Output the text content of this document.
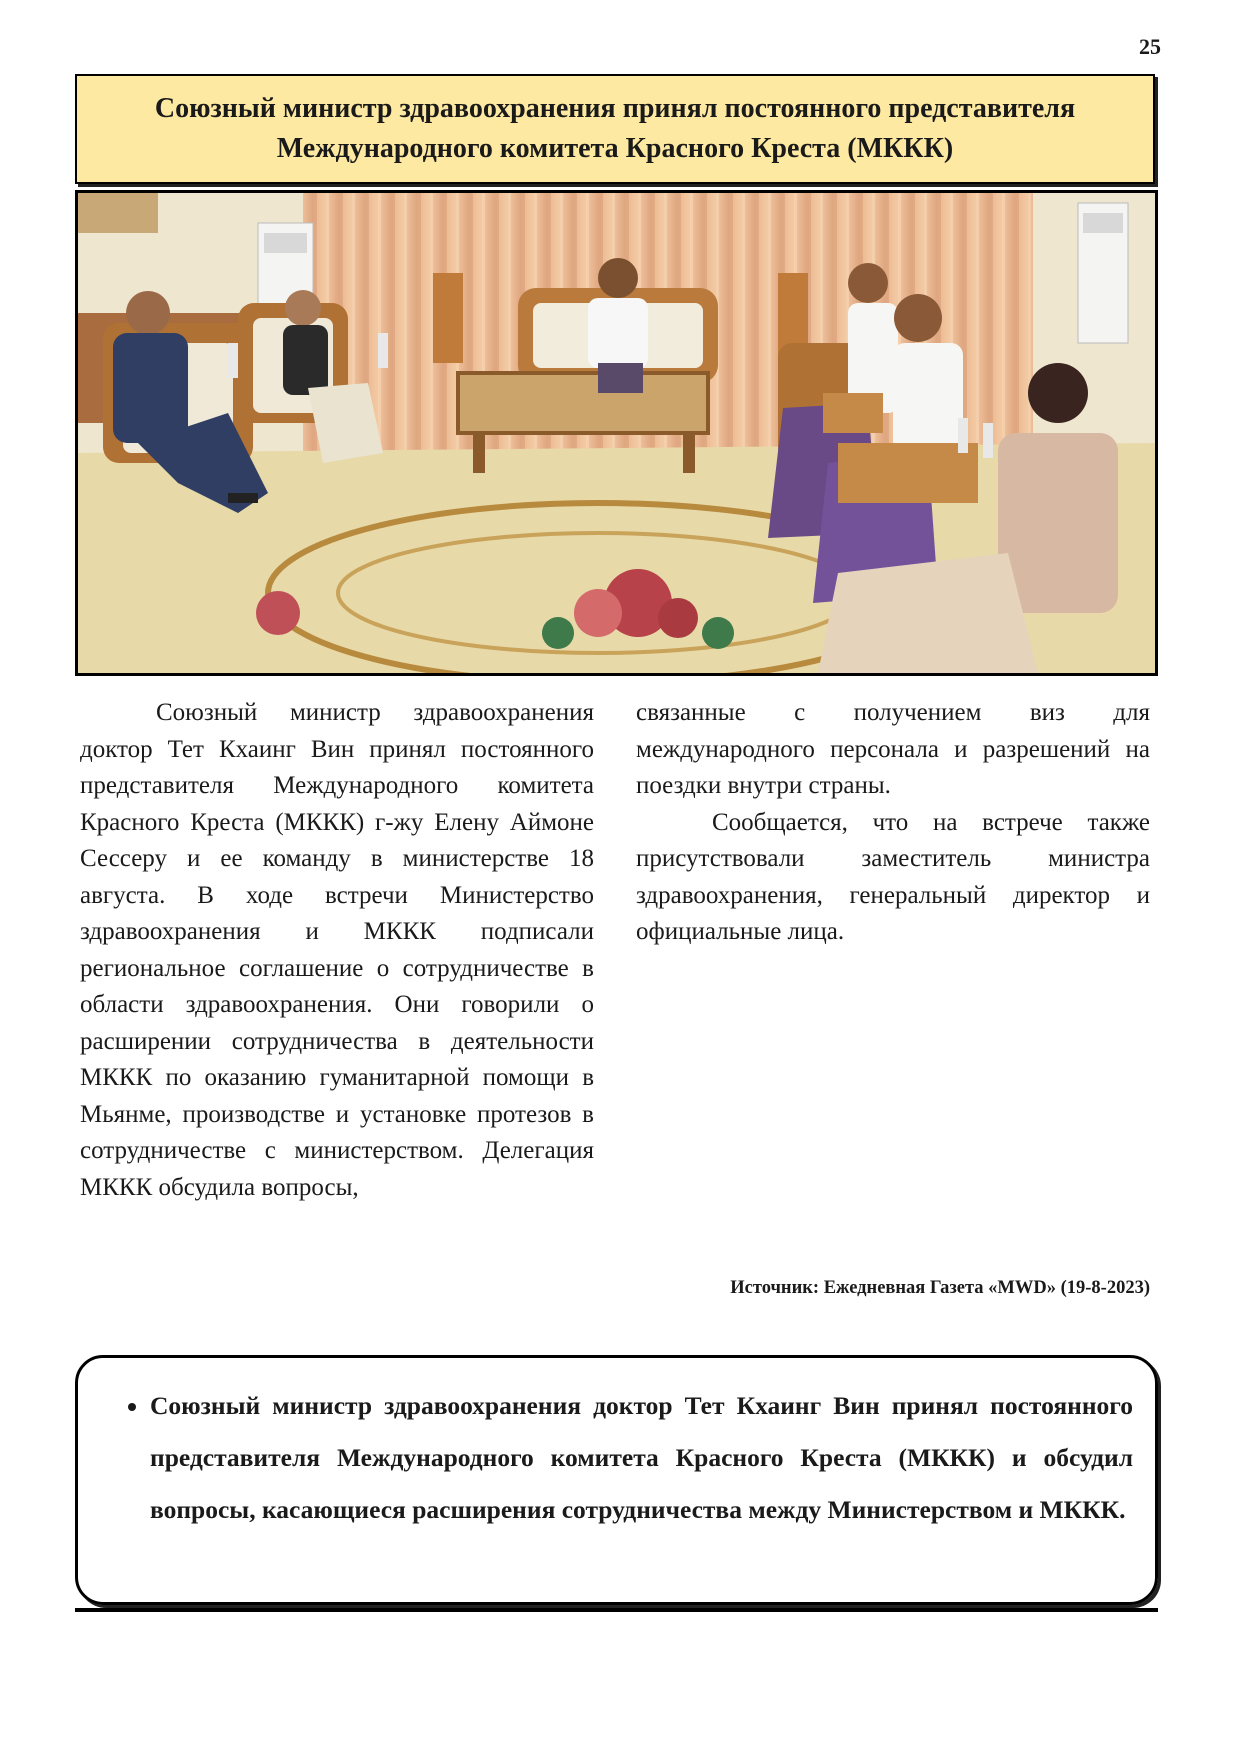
25
Союзный министр здравоохранения принял постоянного представителя
Международного комитета Красного Креста (МККК)

Союзный министр здравоохранения доктор Тет Кхаинг Вин принял постоянного представителя Международного комитета Красного Креста (МККК) г-жу Елену Аймоне Сессеру и ее команду в министерстве 18 августа. В ходе встречи Министерство здравоохранения и МККК подписали региональное соглашение о сотрудничестве в области здравоохранения. Они говорили о расширении сотрудничества в деятельности МККК по оказанию гуманитарной помощи в Мьянме, производстве и установке протезов в сотрудничестве с министерством. Делегация МККК обсудила вопросы,

связанные с получением виз для международного персонала и разрешений на поездки внутри страны.

Сообщается, что на встрече также присутствовали заместитель министра здравоохранения, генеральный директор и официальные лица.

Источник: Ежедневная Газета «MWD» (19-8-2023)
• Союзный министр здравоохранения доктор Тет Кхаинг Вин принял постоянного представителя Международного комитета Красного Креста (МККК) и обсудил вопросы, касающиеся расширения сотрудничества между Министерством и МККК.
